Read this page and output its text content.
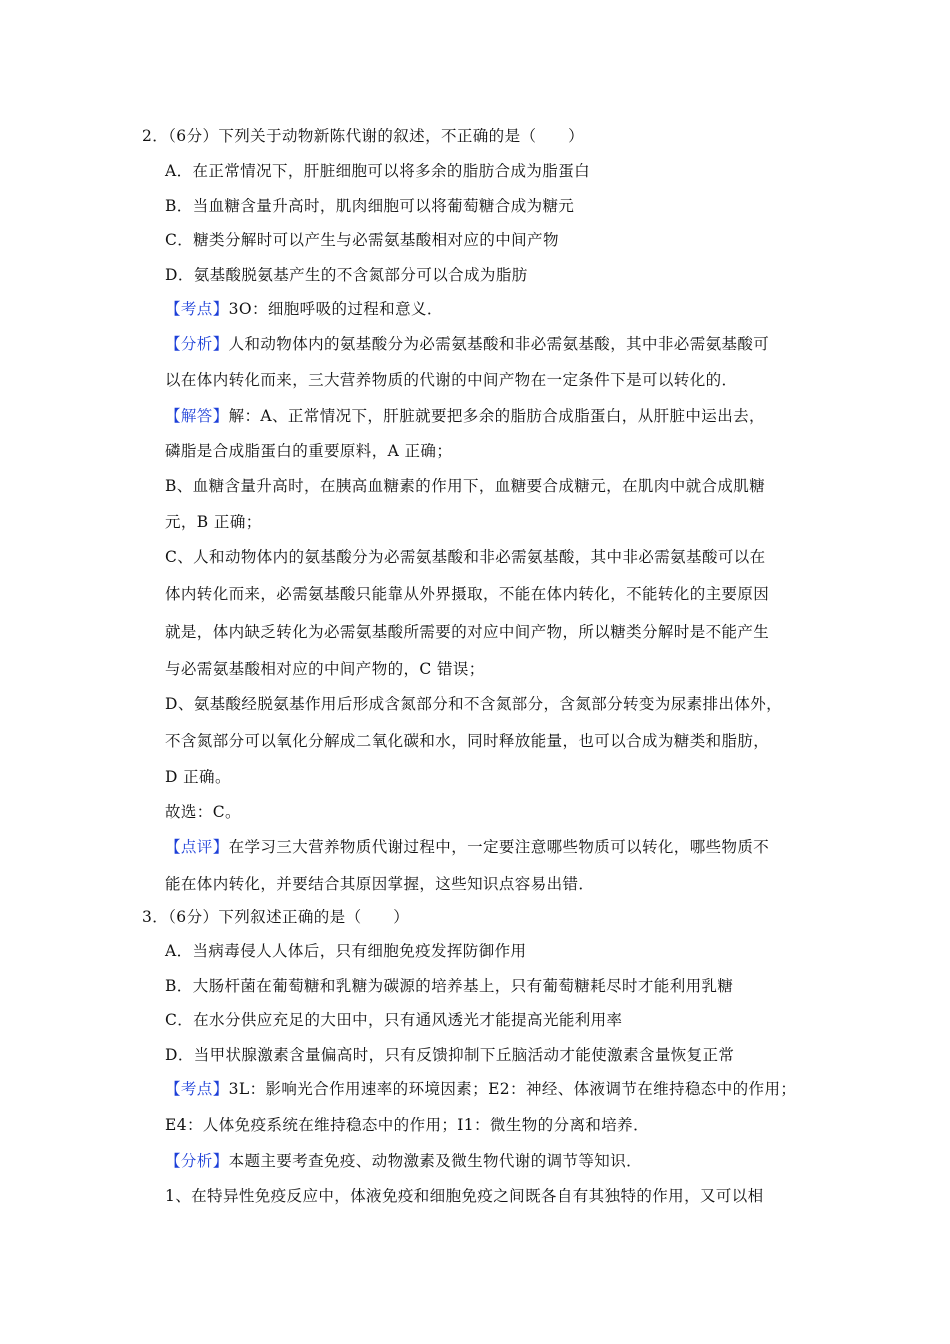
2．（6分）下列关于动物新陈代谢的叙述，不正确的是（　　）
A．在正常情况下，肝脏细胞可以将多余的脂肪合成为脂蛋白
B．当血糖含量升高时，肌肉细胞可以将葡萄糖合成为糖元
C．糖类分解时可以产生与必需氨基酸相对应的中间产物
D．氨基酸脱氨基产生的不含氮部分可以合成为脂肪
【考点】3O：细胞呼吸的过程和意义．
【分析】人和动物体内的氨基酸分为必需氨基酸和非必需氨基酸，其中非必需氨基酸可
以在体内转化而来，三大营养物质的代谢的中间产物在一定条件下是可以转化的．
【解答】解：A、正常情况下，肝脏就要把多余的脂肪合成脂蛋白，从肝脏中运出去，
磷脂是合成脂蛋白的重要原料，A 正确；
B、血糖含量升高时，在胰高血糖素的作用下，血糖要合成糖元，在肌肉中就合成肌糖
元，B 正确；
C、人和动物体内的氨基酸分为必需氨基酸和非必需氨基酸，其中非必需氨基酸可以在
体内转化而来，必需氨基酸只能靠从外界摄取，不能在体内转化，不能转化的主要原因
就是，体内缺乏转化为必需氨基酸所需要的对应中间产物，所以糖类分解时是不能产生
与必需氨基酸相对应的中间产物的，C 错误；
D、氨基酸经脱氨基作用后形成含氮部分和不含氮部分，含氮部分转变为尿素排出体外，
不含氮部分可以氧化分解成二氧化碳和水，同时释放能量，也可以合成为糖类和脂肪，
D 正确。
故选：C。
【点评】在学习三大营养物质代谢过程中，一定要注意哪些物质可以转化，哪些物质不
能在体内转化，并要结合其原因掌握，这些知识点容易出错．
3．（6分）下列叙述正确的是（　　）
A．当病毒侵人人体后，只有细胞免疫发挥防御作用
B．大肠杆菌在葡萄糖和乳糖为碳源的培养基上，只有葡萄糖耗尽时才能利用乳糖
C．在水分供应充足的大田中，只有通风透光才能提高光能利用率
D．当甲状腺激素含量偏高时，只有反馈抑制下丘脑活动才能使激素含量恢复正常
【考点】3L：影响光合作用速率的环境因素；E2：神经、体液调节在维持稳态中的作用；
E4：人体免疫系统在维持稳态中的作用；I1：微生物的分离和培养．
【分析】本题主要考查免疫、动物激素及微生物代谢的调节等知识．
1、在特异性免疫反应中，体液免疫和细胞免疫之间既各自有其独特的作用，又可以相
